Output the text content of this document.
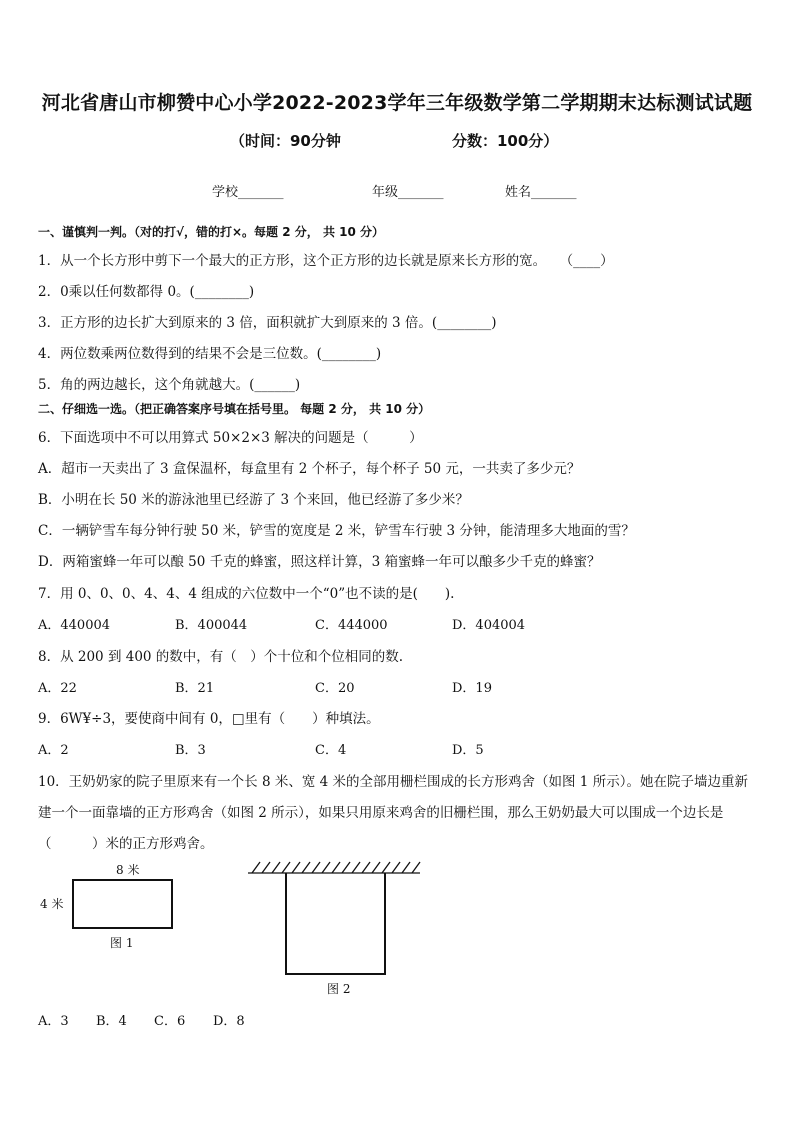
河北省唐山市柳赞中心小学2022-2023学年三年级数学第二学期期末达标测试试题
（时间：90分钟	分数：100分）
学校_______	年级_______	姓名_______
一、谨慎判一判。（对的打√，错的打×。每题 2 分， 共 10 分）
1．从一个长方形中剪下一个最大的正方形，这个正方形的边长就是原来长方形的宽。　　（____）
2．0乘以任何数都得 0。(________)
3．正方形的边长扩大到原来的 3 倍，面积就扩大到原来的 3 倍。(________)
4．两位数乘两位数得到的结果不会是三位数。(________)
5．角的两边越长，这个角就越大。(______)
二、仔细选一选。（把正确答案序号填在括号里。 每题 2 分， 共 10 分）
6．下面选项中不可以用算式 50×2×3 解决的问题是（　　　）
A．超市一天卖出了 3 盒保温杯，每盒里有 2 个杯子，每个杯子 50 元，一共卖了多少元？
B．小明在长 50 米的游泳池里已经游了 3 个来回，他已经游了多少米？
C．一辆铲雪车每分钟行驶 50 米，铲雪的宽度是 2 米，铲雪车行驶 3 分钟，能清理多大地面的雪？
D．两箱蜜蜂一年可以酿 50 千克的蜂蜜，照这样计算，3 箱蜜蜂一年可以酿多少千克的蜂蜜？
7．用 0、0、0、4、4、4 组成的六位数中一个“0”也不读的是(　　).
A．440004	B．400044	C．444000	D．404004
8．从 200 到 400 的数中，有（　）个十位和个位相同的数.
A．22	B．21	C．20	D．19
9．6W¥÷3，要使商中间有 0，□里有（　　）种填法。
A．2	B．3	C．4	D．5
10．王奶奶家的院子里原来有一个长 8 米、宽 4 米的全部用栅栏围成的长方形鸡舍（如图 1 所示）。她在院子墙边重新
建一个一面靠墙的正方形鸡舍（如图 2 所示），如果只用原来鸡舍的旧栅栏围，那么王奶奶最大可以围成一个边长是
（　　　）米的正方形鸡舍。
8 米
4 米
图 1
图 2
A．3 B．4 C．6 D．8
